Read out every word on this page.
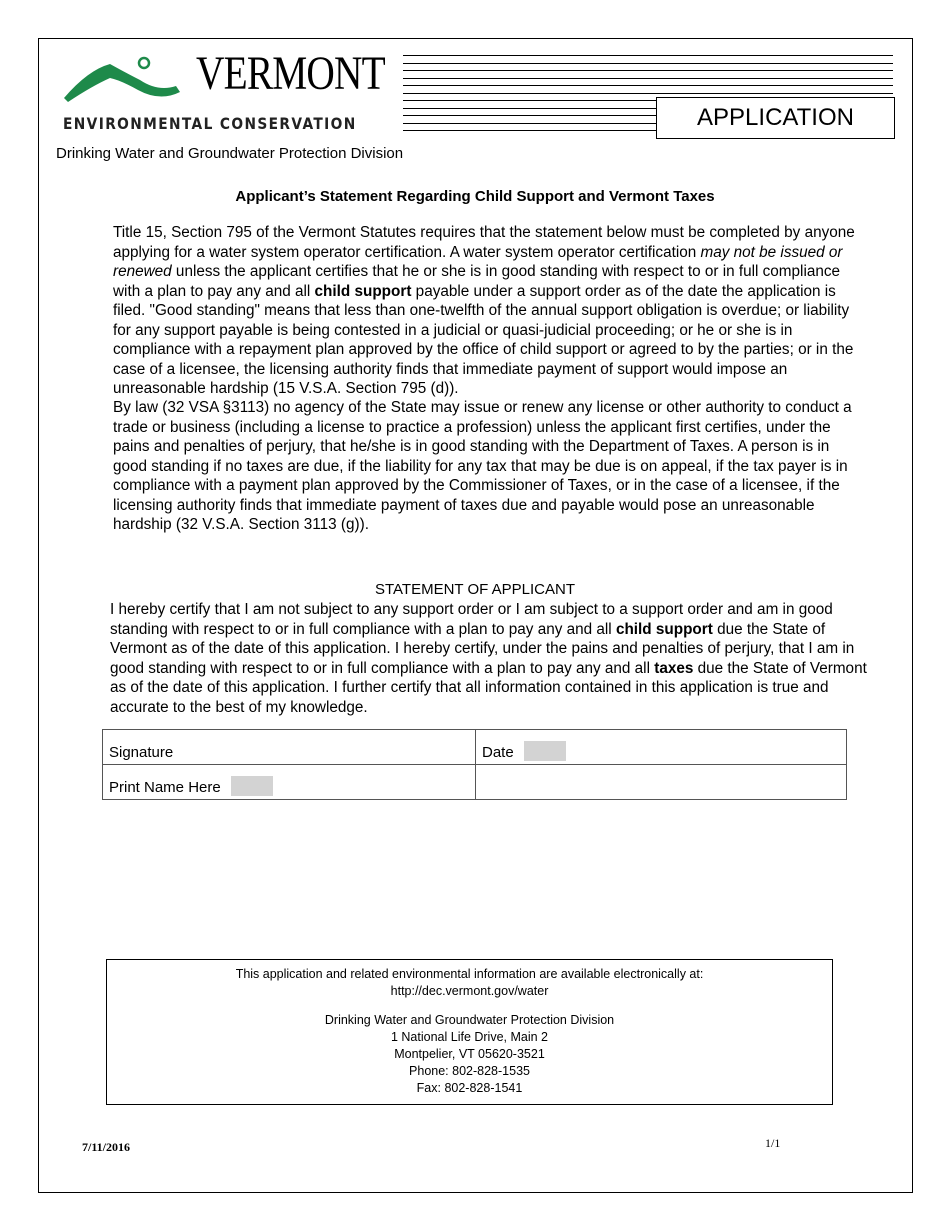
VERMONT
ENVIRONMENTAL CONSERVATION	APPLICATION
Drinking Water and Groundwater Protection Division
Applicant’s Statement Regarding Child Support and Vermont Taxes
Title 15, Section 795 of the Vermont Statutes requires that the statement below must be completed by anyone applying for a water system operator certification. A water system operator certification may not be issued or renewed unless the applicant certifies that he or she is in good standing with respect to or in full compliance with a plan to pay any and all child support payable under a support order as of the date the application is filed. "Good standing" means that less than one-twelfth of the annual support obligation is overdue; or liability for any support payable is being contested in a judicial or quasi-judicial proceeding; or he or she is in compliance with a repayment plan approved by the office of child support or agreed to by the parties; or in the case of a licensee, the licensing authority finds that immediate payment of support would impose an unreasonable hardship (15 V.S.A. Section 795 (d)).
By law (32 VSA §3113) no agency of the State may issue or renew any license or other authority to conduct a trade or business (including a license to practice a profession) unless the applicant first certifies, under the pains and penalties of perjury, that he/she is in good standing with the Department of Taxes. A person is in good standing if no taxes are due, if the liability for any tax that may be due is on appeal, if the tax payer is in compliance with a payment plan approved by the Commissioner of Taxes, or in the case of a licensee, if the licensing authority finds that immediate payment of taxes due and payable would pose an unreasonable hardship (32 V.S.A. Section 3113 (g)).
STATEMENT OF APPLICANT
I hereby certify that I am not subject to any support order or I am subject to a support order and am in good standing with respect to or in full compliance with a plan to pay any and all child support due the State of Vermont as of the date of this application. I hereby certify, under the pains and penalties of perjury, that I am in good standing with respect to or in full compliance with a plan to pay any and all taxes due the State of Vermont as of the date of this application. I further certify that all information contained in this application is true and accurate to the best of my knowledge.
Signature	Date
Print Name Here	
This application and related environmental information are available electronically at:
http://dec.vermont.gov/water
Drinking Water and Groundwater Protection Division
1 National Life Drive, Main 2
Montpelier, VT 05620-3521
Phone: 802-828-1535
Fax: 802-828-1541
7/11/2016	1/1
